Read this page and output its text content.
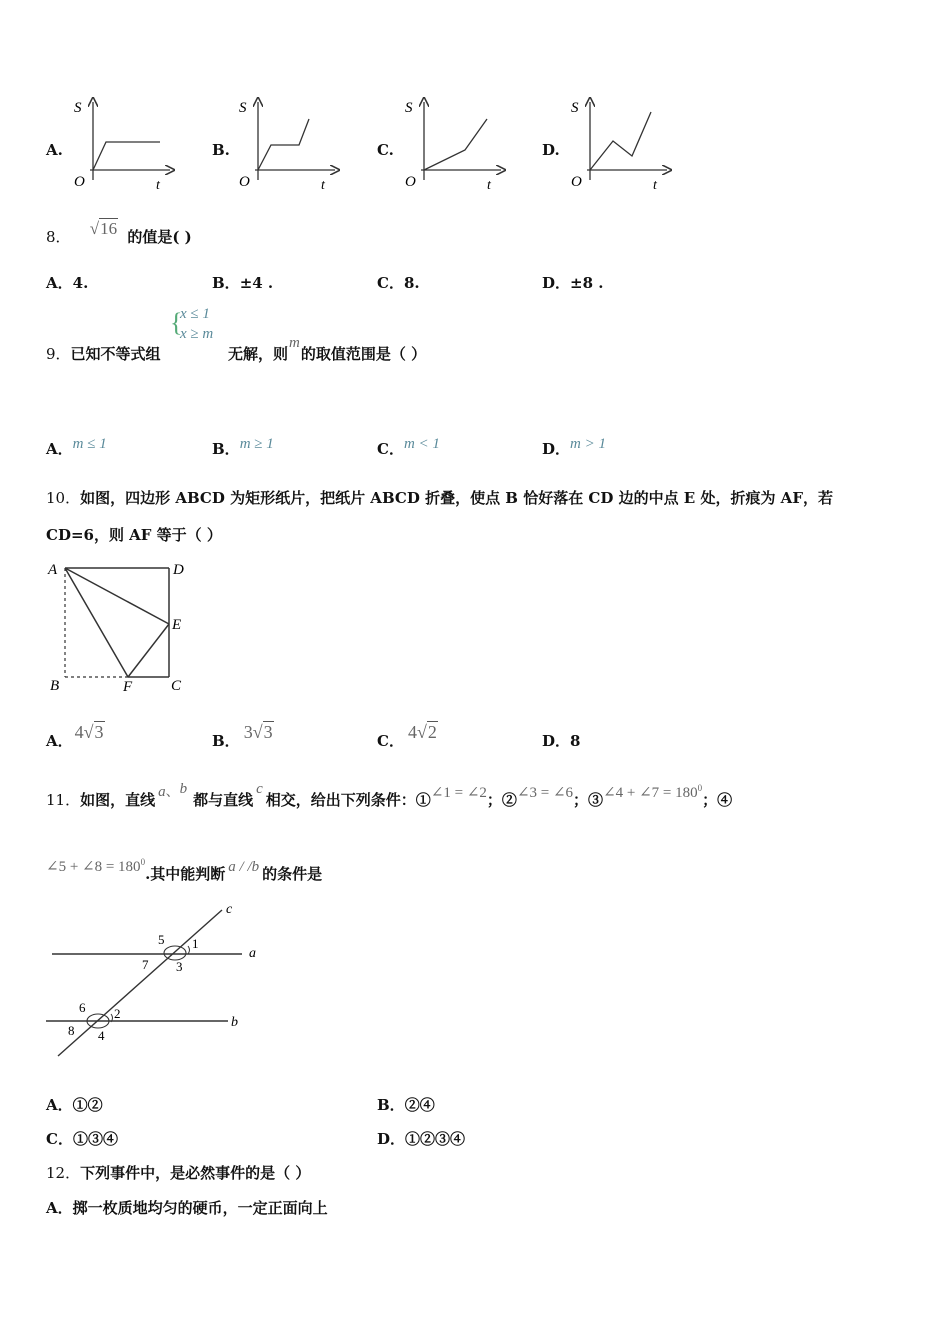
A.
S
t
O
B.
S
t
O
C.
S
t
O
D.
S
t
O
8． √16 的值是( )
A．4.	B．±4 .	C．8.	D．±8 .
9．已知不等式组
{
x ≤ 1
x ≥ m
无解，则m的取值范围是（ ）
A．m ≤ 1	B．m ≥ 1	C．m < 1	D．m > 1
10．如图，四边形 ABCD 为矩形纸片，把纸片 ABCD 折叠，使点 B 恰好落在 CD 边的中点 E 处，折痕为 AF，若
CD=6，则 AF 等于（ ）
A	D
E
B	F	C
A． 4√3	B． 3√3	C． 4√2	D．8
11．如图，直线 a、b都与直线c相交，给出下列条件：①∠1 = ∠2；②∠3 = ∠6；③∠4 + ∠7 = $180^0$；④
∠5 + ∠8 = $180^0$.其中能判断 a / /b 的条件是
c
a
b
5 1
7 3
6 2
8 4
A．①②	B．②④
C．①③④	D．①②③④
12．下列事件中，是必然事件的是（ ）
A．掷一枚质地均匀的硬币，一定正面向上
